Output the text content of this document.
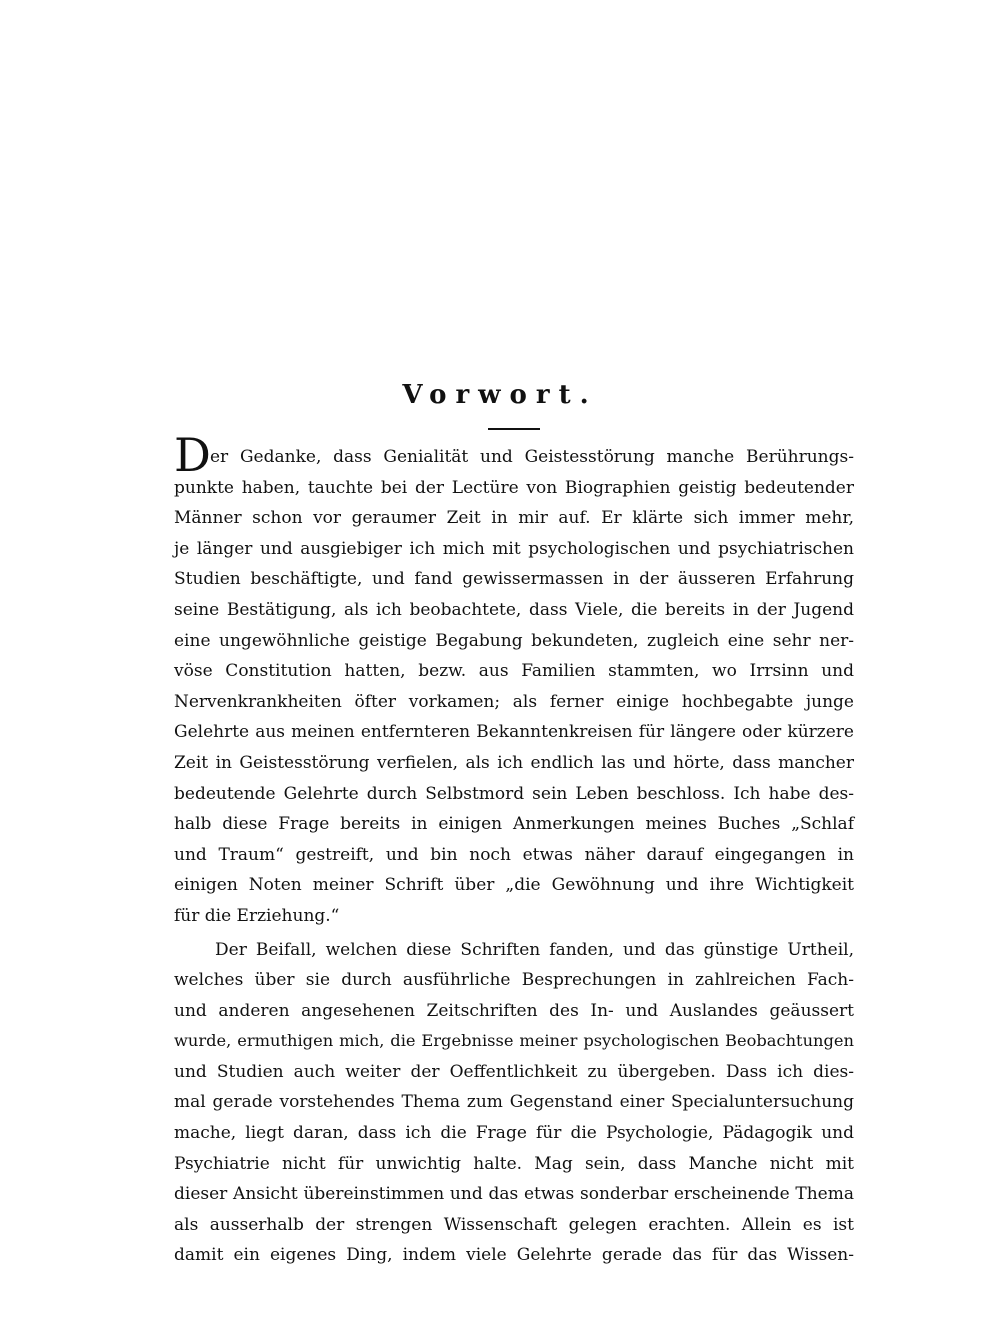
Vorwort.
D er Gedanke, dass Genialität und Geistesstörung manche Berührungs-
punkte haben, tauchte bei der Lectüre von Biographien geistig bedeutender
Männer schon vor geraumer Zeit in mir auf. Er klärte sich immer mehr,
je länger und ausgiebiger ich mich mit psychologischen und psychiatrischen
Studien beschäftigte, und fand gewissermassen in der äusseren Erfahrung
seine Bestätigung, als ich beobachtete, dass Viele, die bereits in der Jugend
eine ungewöhnliche geistige Begabung bekundeten, zugleich eine sehr ner-
vöse Constitution hatten, bezw. aus Familien stammten, wo Irrsinn und
Nervenkrankheiten öfter vorkamen; als ferner einige hochbegabte junge
Gelehrte aus meinen entfernteren Bekanntenkreisen für längere oder kürzere
Zeit in Geistesstörung verfielen, als ich endlich las und hörte, dass mancher
bedeutende Gelehrte durch Selbstmord sein Leben beschloss. Ich habe des-
halb diese Frage bereits in einigen Anmerkungen meines Buches „Schlaf
und Traum“ gestreift, und bin noch etwas näher darauf eingegangen in
einigen Noten meiner Schrift über „die Gewöhnung und ihre Wichtigkeit
für die Erziehung.“
Der Beifall, welchen diese Schriften fanden, und das günstige Urtheil,
welches über sie durch ausführliche Besprechungen in zahlreichen Fach-
und anderen angesehenen Zeitschriften des In- und Auslandes geäussert
wurde, ermuthigen mich, die Ergebnisse meiner psychologischen Beobachtungen
und Studien auch weiter der Oeffentlichkeit zu übergeben. Dass ich dies-
mal gerade vorstehendes Thema zum Gegenstand einer Specialuntersuchung
mache, liegt daran, dass ich die Frage für die Psychologie, Pädagogik und
Psychiatrie nicht für unwichtig halte. Mag sein, dass Manche nicht mit
dieser Ansicht übereinstimmen und das etwas sonderbar erscheinende Thema
als ausserhalb der strengen Wissenschaft gelegen erachten. Allein es ist
damit ein eigenes Ding, indem viele Gelehrte gerade das für das Wissen-
